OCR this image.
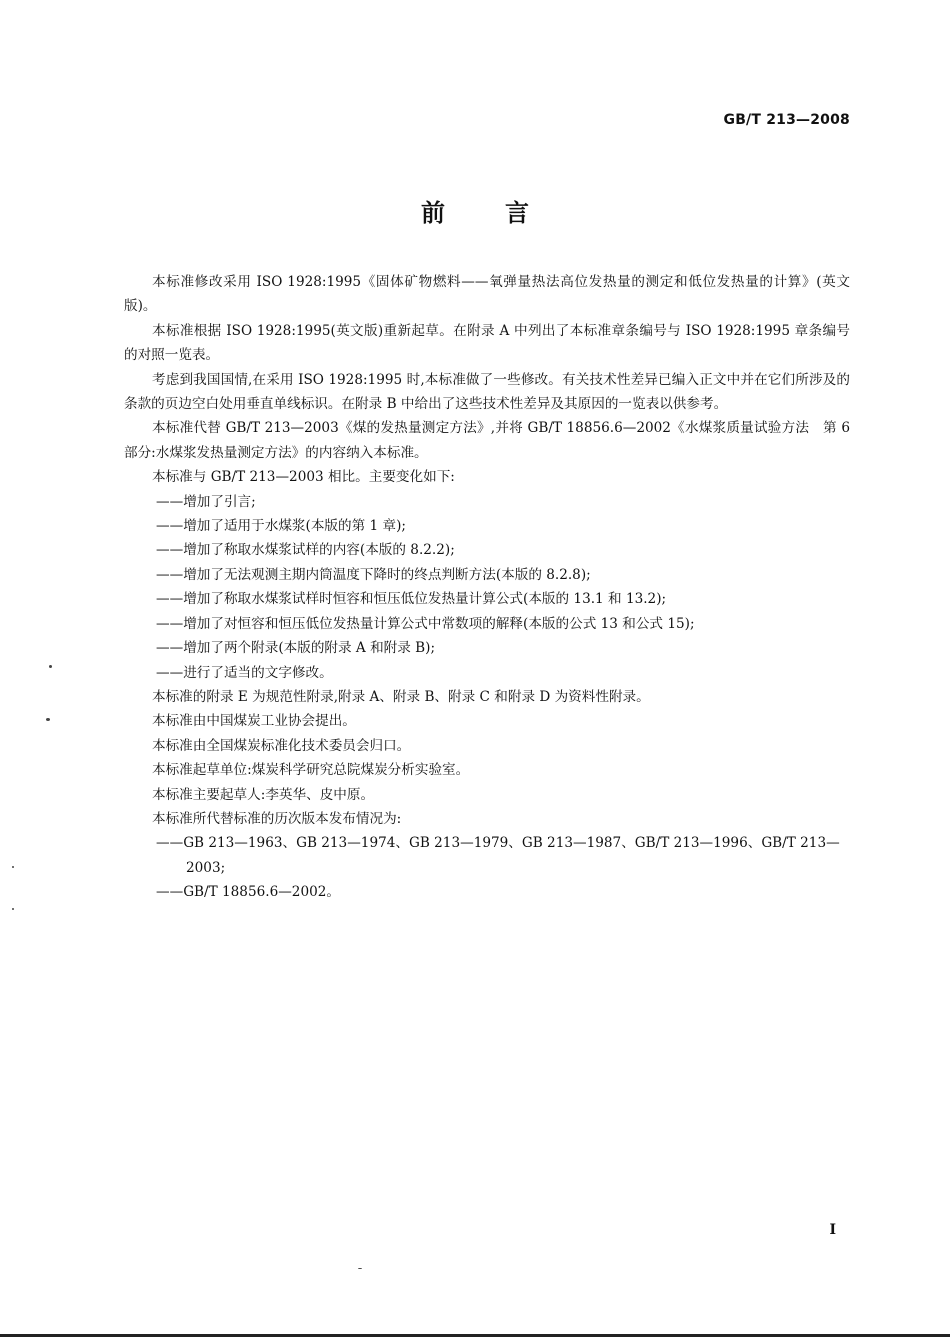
GB/T 213—2008
前言

本标准修改采用 ISO 1928:1995《固体矿物燃料——氧弹量热法高位发热量的测定和低位发热量的计算》(英文版)。

本标准根据 ISO 1928:1995(英文版)重新起草。在附录 A 中列出了本标准章条编号与 ISO 1928:1995 章条编号的对照一览表。

考虑到我国国情,在采用 ISO 1928:1995 时,本标准做了一些修改。有关技术性差异已编入正文中并在它们所涉及的条款的页边空白处用垂直单线标识。在附录 B 中给出了这些技术性差异及其原因的一览表以供参考。

本标准代替 GB/T 213—2003《煤的发热量测定方法》,并将 GB/T 18856.6—2002《水煤浆质量试验方法　第 6 部分:水煤浆发热量测定方法》的内容纳入本标准。

本标准与 GB/T 213—2003 相比。主要变化如下:

——增加了引言;

——增加了适用于水煤浆(本版的第 1 章);

——增加了称取水煤浆试样的内容(本版的 8.2.2);

——增加了无法观测主期内筒温度下降时的终点判断方法(本版的 8.2.8);

——增加了称取水煤浆试样时恒容和恒压低位发热量计算公式(本版的 13.1 和 13.2);

——增加了对恒容和恒压低位发热量计算公式中常数项的解释(本版的公式 13 和公式 15);

——增加了两个附录(本版的附录 A 和附录 B);

——进行了适当的文字修改。

本标准的附录 E 为规范性附录,附录 A、附录 B、附录 C 和附录 D 为资料性附录。

本标准由中国煤炭工业协会提出。

本标准由全国煤炭标准化技术委员会归口。

本标准起草单位:煤炭科学研究总院煤炭分析实验室。

本标准主要起草人:李英华、皮中原。

本标准所代替标准的历次版本发布情况为:

——GB 213—1963、GB 213—1974、GB 213—1979、GB 213—1987、GB/T 213—1996、GB/T 213—

2003;

——GB/T 18856.6—2002。

I
